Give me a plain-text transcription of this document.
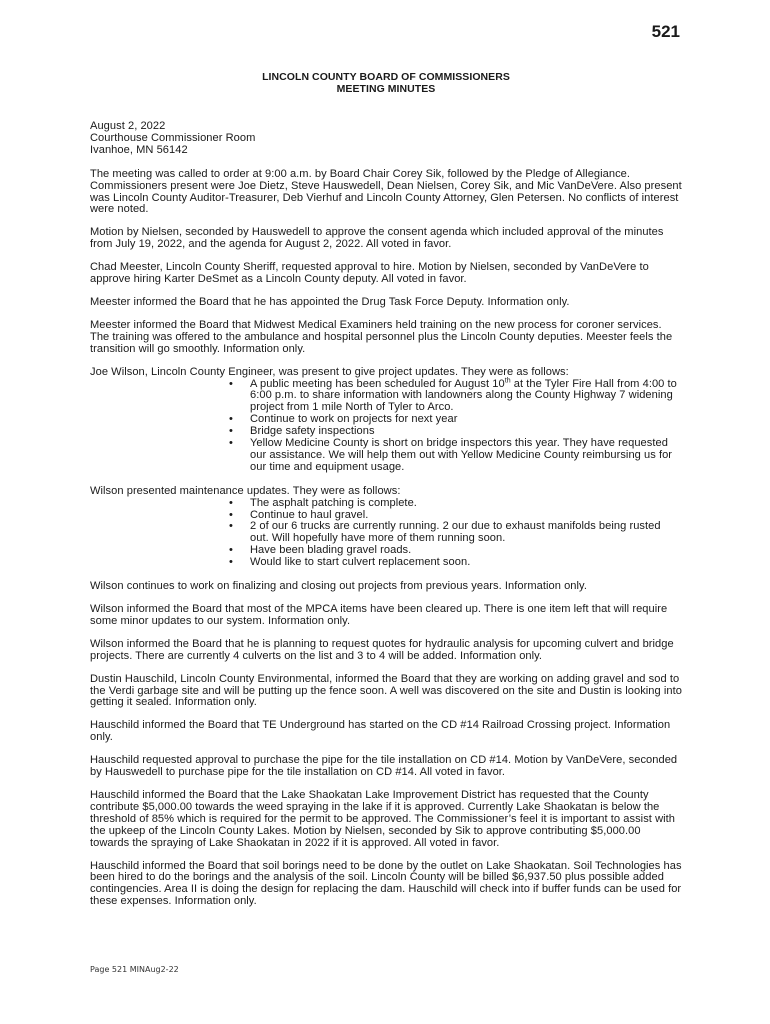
521
LINCOLN COUNTY BOARD OF COMMISSIONERS
MEETING MINUTES
August 2, 2022
Courthouse Commissioner Room
Ivanhoe, MN 56142

The meeting was called to order at 9:00 a.m. by Board Chair Corey Sik, followed by the Pledge of Allegiance. Commissioners present were Joe Dietz, Steve Hauswedell, Dean Nielsen, Corey Sik, and Mic VanDeVere. Also present was Lincoln County Auditor-Treasurer, Deb Vierhuf and Lincoln County Attorney, Glen Petersen. No conflicts of interest were noted.

Motion by Nielsen, seconded by Hauswedell to approve the consent agenda which included approval of the minutes from July 19, 2022, and the agenda for August 2, 2022. All voted in favor.

Chad Meester, Lincoln County Sheriff, requested approval to hire. Motion by Nielsen, seconded by VanDeVere to approve hiring Karter DeSmet as a Lincoln County deputy. All voted in favor.

Meester informed the Board that he has appointed the Drug Task Force Deputy. Information only.

Meester informed the Board that Midwest Medical Examiners held training on the new process for coroner services. The training was offered to the ambulance and hospital personnel plus the Lincoln County deputies. Meester feels the transition will go smoothly. Information only.

Joe Wilson, Lincoln County Engineer, was present to give project updates. They were as follows:

• A public meeting has been scheduled for August 10th at the Tyler Fire Hall from 4:00 to 6:00 p.m. to share information with landowners along the County Highway 7 widening project from 1 mile North of Tyler to Arco.
• Continue to work on projects for next year
• Bridge safety inspections
• Yellow Medicine County is short on bridge inspectors this year. They have requested our assistance. We will help them out with Yellow Medicine County reimbursing us for our time and equipment usage.

Wilson presented maintenance updates. They were as follows:

• The asphalt patching is complete.
• Continue to haul gravel.
• 2 of our 6 trucks are currently running. 2 our due to exhaust manifolds being rusted out. Will hopefully have more of them running soon.
• Have been blading gravel roads.
• Would like to start culvert replacement soon.

Wilson continues to work on finalizing and closing out projects from previous years. Information only.

Wilson informed the Board that most of the MPCA items have been cleared up. There is one item left that will require some minor updates to our system. Information only.

Wilson informed the Board that he is planning to request quotes for hydraulic analysis for upcoming culvert and bridge projects. There are currently 4 culverts on the list and 3 to 4 will be added. Information only.

Dustin Hauschild, Lincoln County Environmental, informed the Board that they are working on adding gravel and sod to the Verdi garbage site and will be putting up the fence soon. A well was discovered on the site and Dustin is looking into getting it sealed. Information only.

Hauschild informed the Board that TE Underground has started on the CD #14 Railroad Crossing project. Information only.

Hauschild requested approval to purchase the pipe for the tile installation on CD #14. Motion by VanDeVere, seconded by Hauswedell to purchase pipe for the tile installation on CD #14. All voted in favor.

Hauschild informed the Board that the Lake Shaokatan Lake Improvement District has requested that the County contribute $5,000.00 towards the weed spraying in the lake if it is approved. Currently Lake Shaokatan is below the threshold of 85% which is required for the permit to be approved. The Commissioner’s feel it is important to assist with the upkeep of the Lincoln County Lakes. Motion by Nielsen, seconded by Sik to approve contributing $5,000.00 towards the spraying of Lake Shaokatan in 2022 if it is approved. All voted in favor.

Hauschild informed the Board that soil borings need to be done by the outlet on Lake Shaokatan. Soil Technologies has been hired to do the borings and the analysis of the soil. Lincoln County will be billed $6,937.50 plus possible added contingencies. Area II is doing the design for replacing the dam. Hauschild will check into if buffer funds can be used for these expenses. Information only.

Page 521 MINAug2-22
